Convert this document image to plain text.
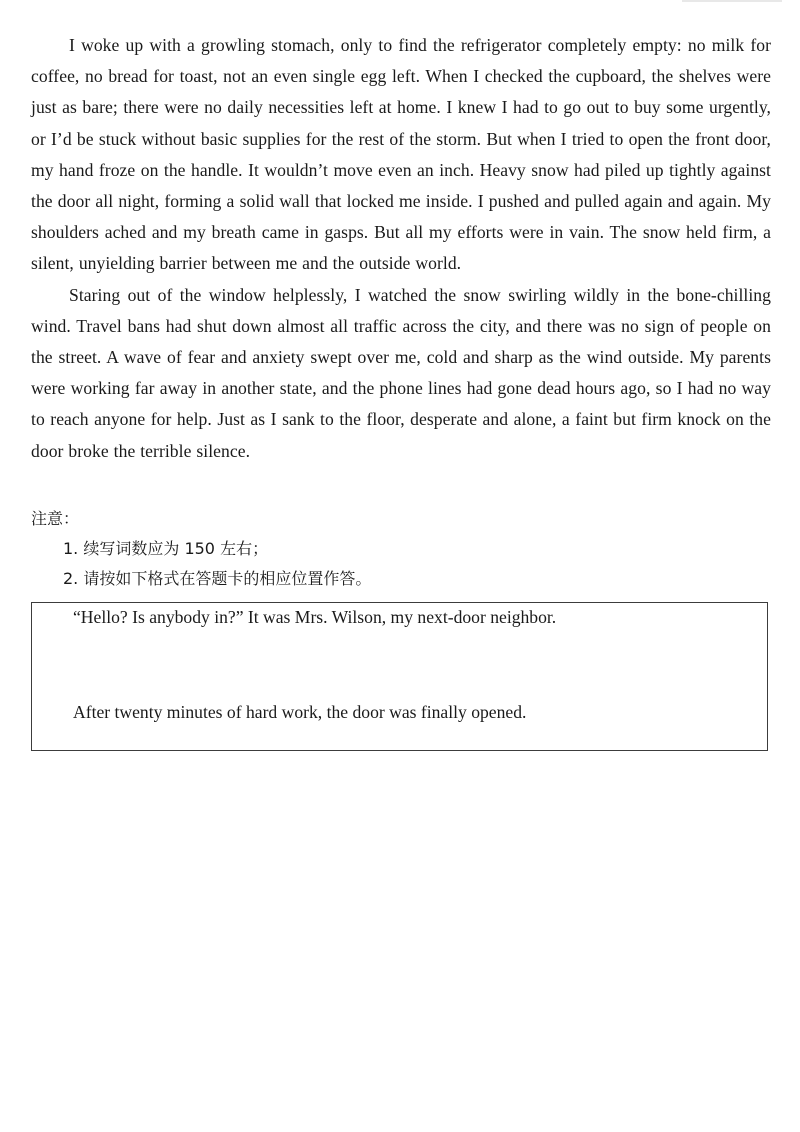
I woke up with a growling stomach, only to find the refrigerator completely empty: no milk for coffee, no bread for toast, not an even single egg left. When I checked the cupboard, the shelves were just as bare; there were no daily necessities left at home. I knew I had to go out to buy some urgently, or I’d be stuck without basic supplies for the rest of the storm. But when I tried to open the front door, my hand froze on the handle. It wouldn’t move even an inch. Heavy snow had piled up tightly against the door all night, forming a solid wall that locked me inside. I pushed and pulled again and again. My shoulders ached and my breath came in gasps. But all my efforts were in vain. The snow held firm, a silent, unyielding barrier between me and the outside world.

Staring out of the window helplessly, I watched the snow swirling wildly in the bone-chilling wind. Travel bans had shut down almost all traffic across the city, and there was no sign of people on the street. A wave of fear and anxiety swept over me, cold and sharp as the wind outside. My parents were working far away in another state, and the phone lines had gone dead hours ago, so I had no way to reach anyone for help. Just as I sank to the floor, desperate and alone, a faint but firm knock on the door broke the terrible silence.

注意：
1. 续写词数应为 150 左右；
2. 请按如下格式在答题卡的相应位置作答。
“Hello? Is anybody in?” It was Mrs. Wilson, my next-door neighbor.
After twenty minutes of hard work, the door was finally opened.
